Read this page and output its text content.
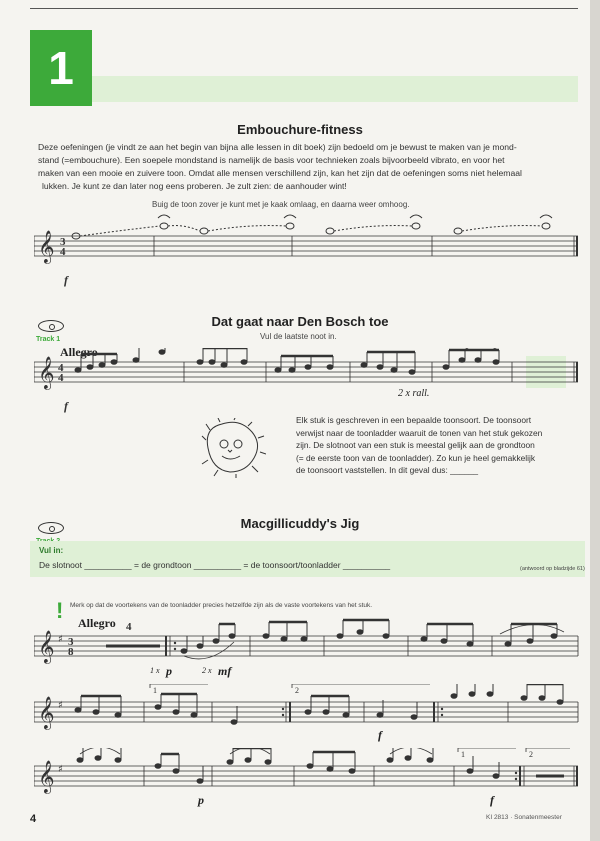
1
Embouchure-fitness
Deze oefeningen (je vindt ze aan het begin van bijna alle lessen in dit boek) zijn bedoeld om je bewust te maken van je mond-
stand (=embouchure). Een soepele mondstand is namelijk de basis voor technieken zoals bijvoorbeeld vibrato, en voor het
maken van een mooie en zuivere toon. Omdat alle mensen verschillend zijn, kan het zijn dat de oefeningen soms niet helemaal
lukken. Je kunt ze dan later nog eens proberen. Je zult zien: de aanhouder wint!
Buig de toon zover je kunt met je kaak omlaag, en daarna weer omhoog.
𝄞 3
4
f
Track 1
Dat gaat naar Den Bosch toe
Allegro
Vul de laatste noot in.
𝄞 4
4
f
2 x rall.
Elk stuk is geschreven in een bepaalde toonsoort. De toonsoort
verwijst naar de toonladder waaruit de tonen van het stuk gekozen
zijn. De slotnoot van een stuk is meestal gelijk aan de grondtoon
(= de eerste toon van de toonladder). Zo kun je heel gemakkelijk
de toonsoort vaststellen. In dit geval dus: ______
Macgillicuddy's Jig
Vul in:
De slotnoot __________ = de grondtoon __________ = de toonsoort/toonladder __________	(antwoord op bladzijde 61)
! Merk op dat de voortekens van de toonladder precies hetzelfde zijn als de vaste voortekens van het stuk.
Allegro
𝄞 ♯ 3
8
4
1 x p	2 x mf
1	2
𝄞 ♯
f
1	2
𝄞 ♯
p	f
4	KI 2813 · Sonatenmeester
